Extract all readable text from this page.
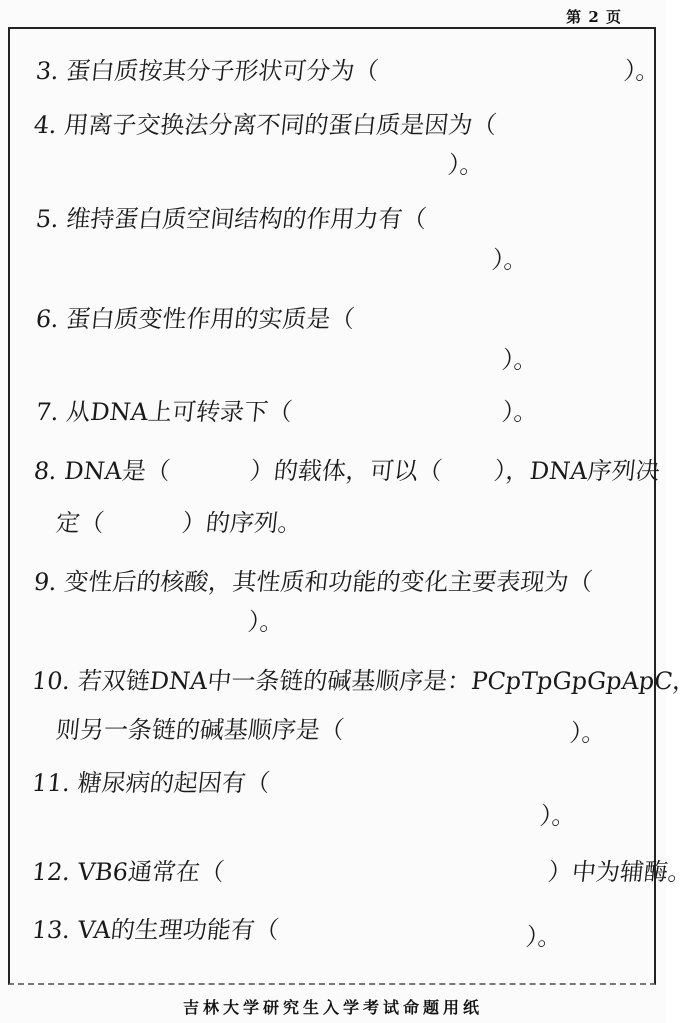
第 2 页
3. 蛋白质按其分子形状可分为（	）。
4. 用离子交换法分离不同的蛋白质是因为（
）。
5. 维持蛋白质空间结构的作用力有（
）。
6. 蛋白质变性作用的实质是（
）。
7. 从DNA上可转录下（	）。
8. DNA是（	）的载体，可以（ ），DNA序列决
定（	）的序列。
9. 变性后的核酸，其性质和功能的变化主要表现为（
）。
10. 若双链DNA中一条链的碱基顺序是：PCpTpGpGpApC，
则另一条链的碱基顺序是（	）。
11. 糖尿病的起因有（
）。
12. VB6通常在（	）中为辅酶。
13. VA的生理功能有（	）。
吉林大学研究生入学考试命题用纸
